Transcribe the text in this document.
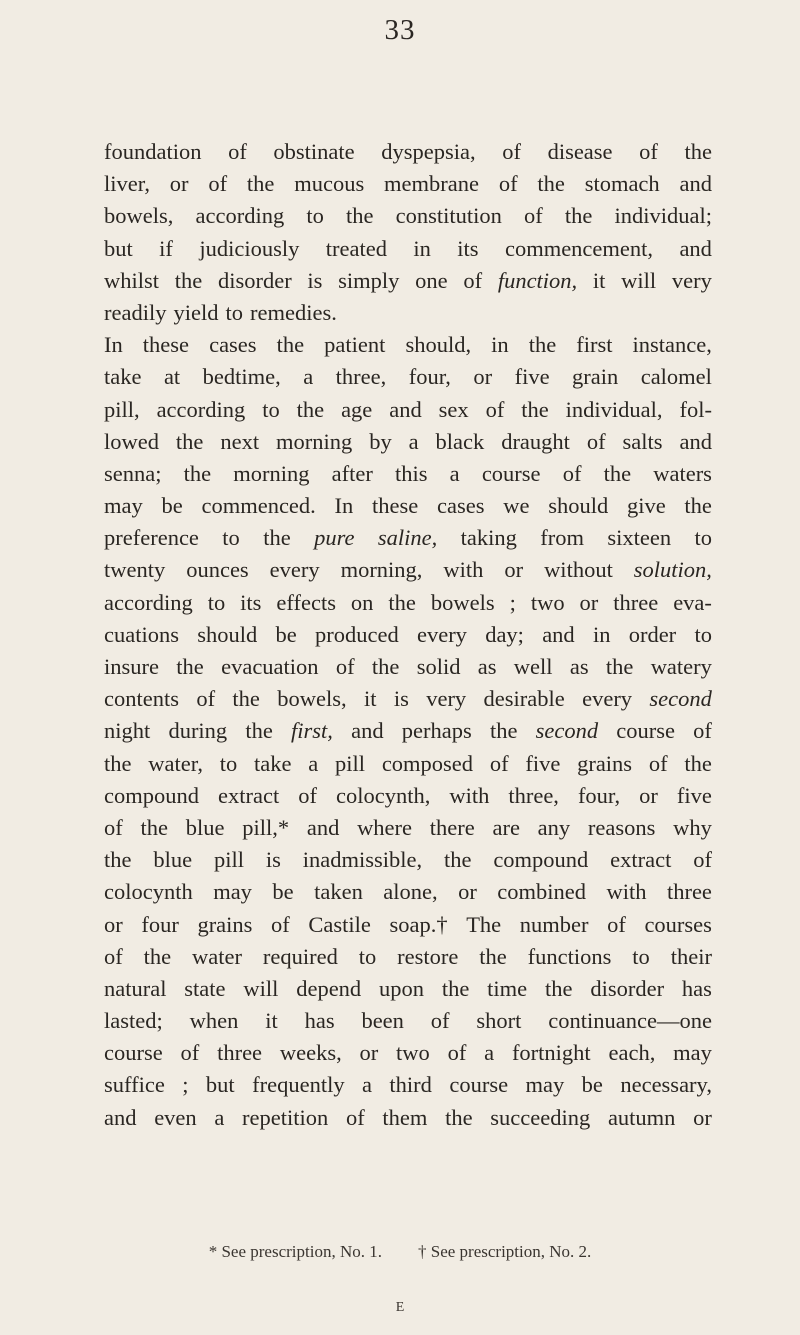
33
foundation of obstinate dyspepsia, of disease of the
liver, or of the mucous membrane of the stomach and
bowels, according to the constitution of the individual;
but if judiciously treated in its commencement, and
whilst the disorder is simply one of function, it will very
readily yield to remedies.
In these cases the patient should, in the first instance,
take at bedtime, a three, four, or five grain calomel
pill, according to the age and sex of the individual, fol-
lowed the next morning by a black draught of salts and
senna; the morning after this a course of the waters
may be commenced. In these cases we should give the
preference to the pure saline, taking from sixteen to
twenty ounces every morning, with or without solution,
according to its effects on the bowels ; two or three eva-
cuations should be produced every day; and in order to
insure the evacuation of the solid as well as the watery
contents of the bowels, it is very desirable every second
night during the first, and perhaps the second course of
the water, to take a pill composed of five grains of the
compound extract of colocynth, with three, four, or five
of the blue pill,* and where there are any reasons why
the blue pill is inadmissible, the compound extract of
colocynth may be taken alone, or combined with three
or four grains of Castile soap.† The number of courses
of the water required to restore the functions to their
natural state will depend upon the time the disorder has
lasted; when it has been of short continuance—one
course of three weeks, or two of a fortnight each, may
suffice ; but frequently a third course may be necessary,
and even a repetition of them the succeeding autumn or
* See prescription, No. 1. † See prescription, No. 2.
E
